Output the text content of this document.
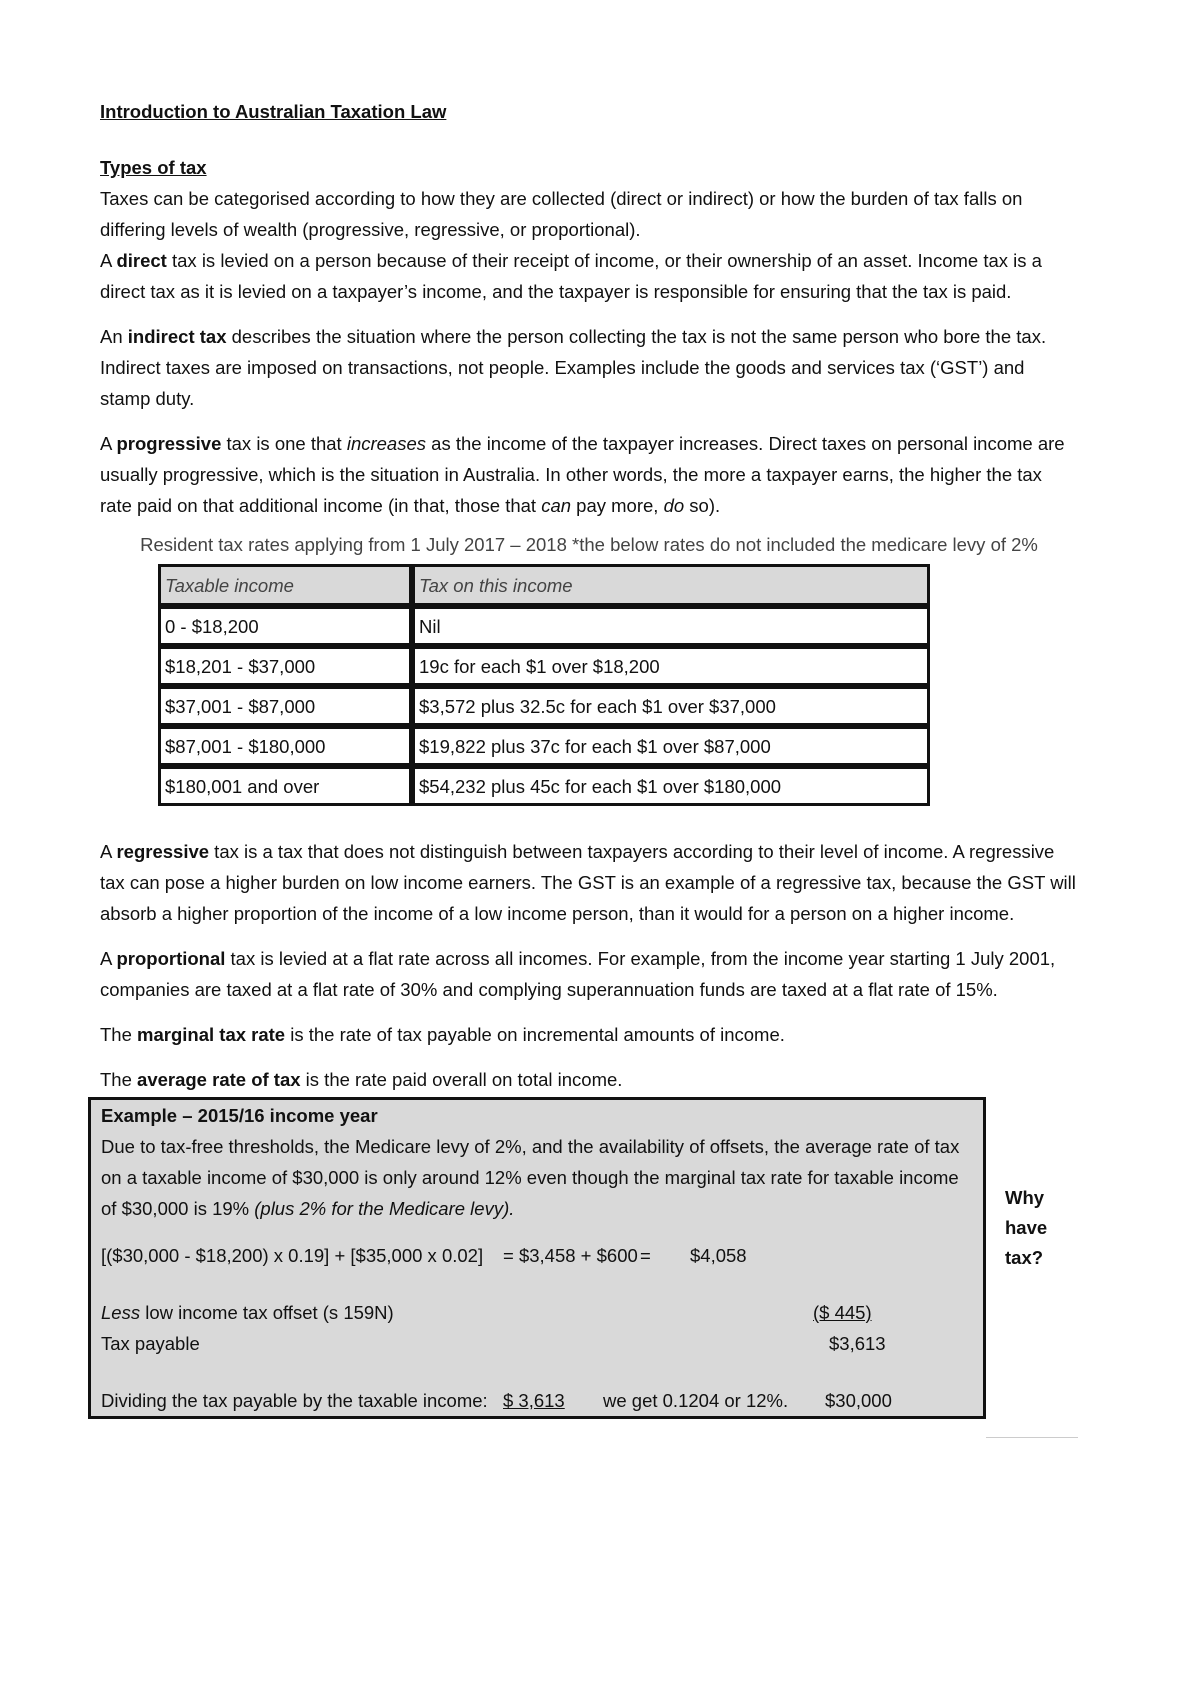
Introduction to Australian Taxation Law

Types of tax

Taxes can be categorised according to how they are collected (direct or indirect) or how the burden of tax falls on differing levels of wealth (progressive, regressive, or proportional).

A direct tax is levied on a person because of their receipt of income, or their ownership of an asset. Income tax is a direct tax as it is levied on a taxpayer’s income, and the taxpayer is responsible for ensuring that the tax is paid.

An indirect tax describes the situation where the person collecting the tax is not the same person who bore the tax. Indirect taxes are imposed on transactions, not people. Examples include the goods and services tax (‘GST’) and stamp duty.

A progressive tax is one that increases as the income of the taxpayer increases. Direct taxes on personal income are usually progressive, which is the situation in Australia. In other words, the more a taxpayer earns, the higher the tax rate paid on that additional income (in that, those that can pay more, do so).

Resident tax rates applying from 1 July 2017 – 2018 *the below rates do not included the medicare levy of 2%

Taxable income	Tax on this income
0 - $18,200	Nil
$18,201 - $37,000	19c for each $1 over $18,200
$37,001 - $87,000	$3,572 plus 32.5c for each $1 over $37,000
$87,001 - $180,000	$19,822 plus 37c for each $1 over $87,000
$180,001 and over	$54,232 plus 45c for each $1 over $180,000

A regressive tax is a tax that does not distinguish between taxpayers according to their level of income. A regressive tax can pose a higher burden on low income earners. The GST is an example of a regressive tax, because the GST will absorb a higher proportion of the income of a low income person, than it would for a person on a higher income.

A proportional tax is levied at a flat rate across all incomes. For example, from the income year starting 1 July 2001, companies are taxed at a flat rate of 30% and complying superannuation funds are taxed at a flat rate of 15%.

The marginal tax rate is the rate of tax payable on incremental amounts of income.

The average rate of tax is the rate paid overall on total income.

Example – 2015/16 income year

Due to tax-free thresholds, the Medicare levy of 2%, and the availability of offsets, the average rate of tax on a taxable income of $30,000 is only around 12% even though the marginal tax rate for taxable income of $30,000 is 19% (plus 2% for the Medicare levy).

[($30,000 - $18,200) x 0.19] + [$35,000 x 0.02]	= $3,458 + $600 =	$4,058
Less low income tax offset (s 159N)	($ 445)
Tax payable	$3,613
Dividing the tax payable by the taxable income: $ 3,613	we get 0.1204 or 12%.	$30,000
Why
have
tax?
